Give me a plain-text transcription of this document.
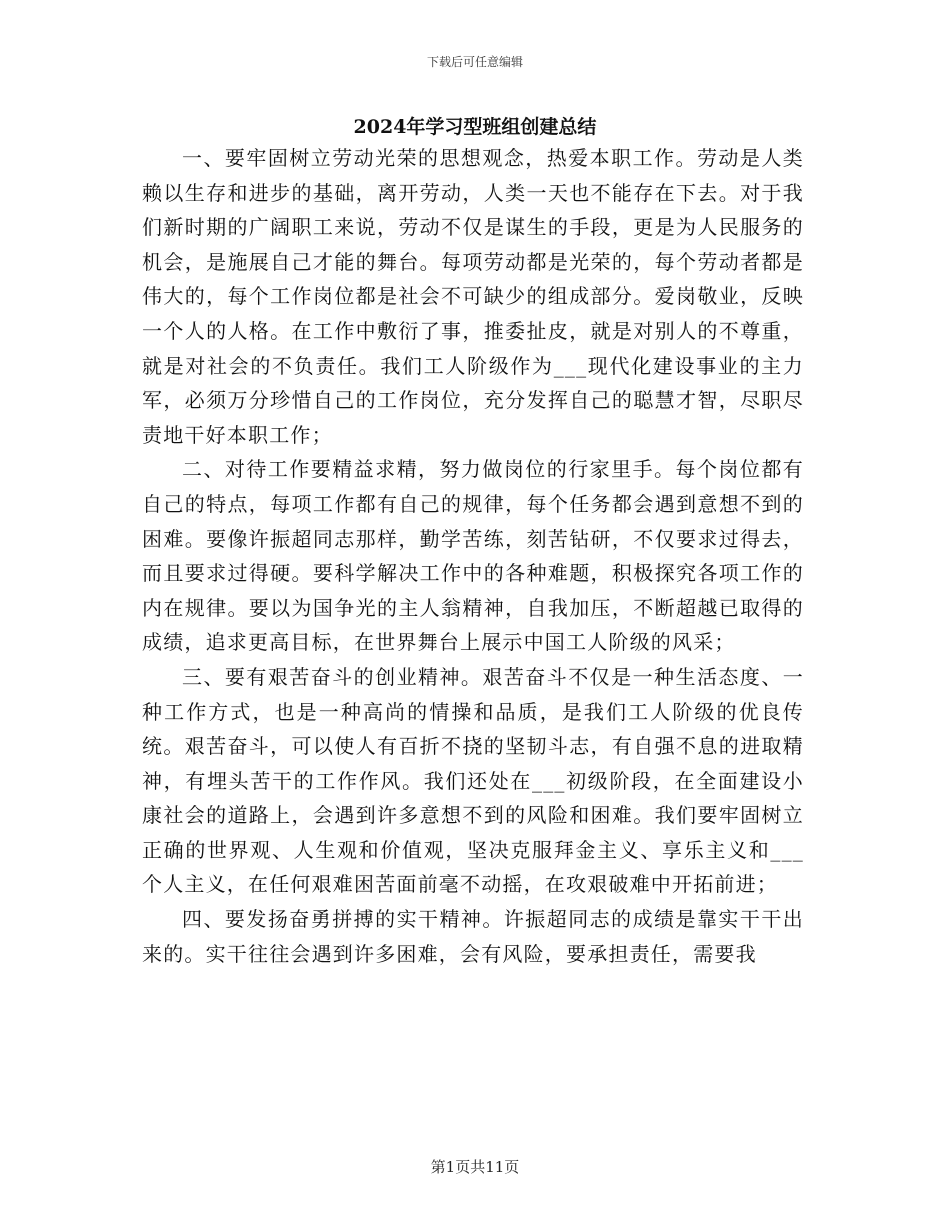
下载后可任意编辑
2024年学习型班组创建总结

一、要牢固树立劳动光荣的思想观念，热爱本职工作。劳动是人类赖以生存和进步的基础，离开劳动，人类一天也不能存在下去。对于我们新时期的广阔职工来说，劳动不仅是谋生的手段，更是为人民服务的机会，是施展自己才能的舞台。每项劳动都是光荣的，每个劳动者都是伟大的，每个工作岗位都是社会不可缺少的组成部分。爱岗敬业，反映一个人的人格。在工作中敷衍了事，推委扯皮，就是对别人的不尊重，就是对社会的不负责任。我们工人阶级作为___现代化建设事业的主力军，必须万分珍惜自己的工作岗位，充分发挥自己的聪慧才智，尽职尽责地干好本职工作；

二、对待工作要精益求精，努力做岗位的行家里手。每个岗位都有自己的特点，每项工作都有自己的规律，每个任务都会遇到意想不到的困难。要像许振超同志那样，勤学苦练，刻苦钻研，不仅要求过得去，而且要求过得硬。要科学解决工作中的各种难题，积极探究各项工作的内在规律。要以为国争光的主人翁精神，自我加压，不断超越已取得的成绩，追求更高目标，在世界舞台上展示中国工人阶级的风采；

三、要有艰苦奋斗的创业精神。艰苦奋斗不仅是一种生活态度、一种工作方式，也是一种高尚的情操和品质，是我们工人阶级的优良传统。艰苦奋斗，可以使人有百折不挠的坚韧斗志，有自强不息的进取精神，有埋头苦干的工作作风。我们还处在___初级阶段，在全面建设小康社会的道路上，会遇到许多意想不到的风险和困难。我们要牢固树立正确的世界观、人生观和价值观，坚决克服拜金主义、享乐主义和___个人主义，在任何艰难困苦面前毫不动摇，在攻艰破难中开拓前进；

四、要发扬奋勇拼搏的实干精神。许振超同志的成绩是靠实干干出来的。实干往往会遇到许多困难，会有风险，要承担责任，需要我

第1页共11页
